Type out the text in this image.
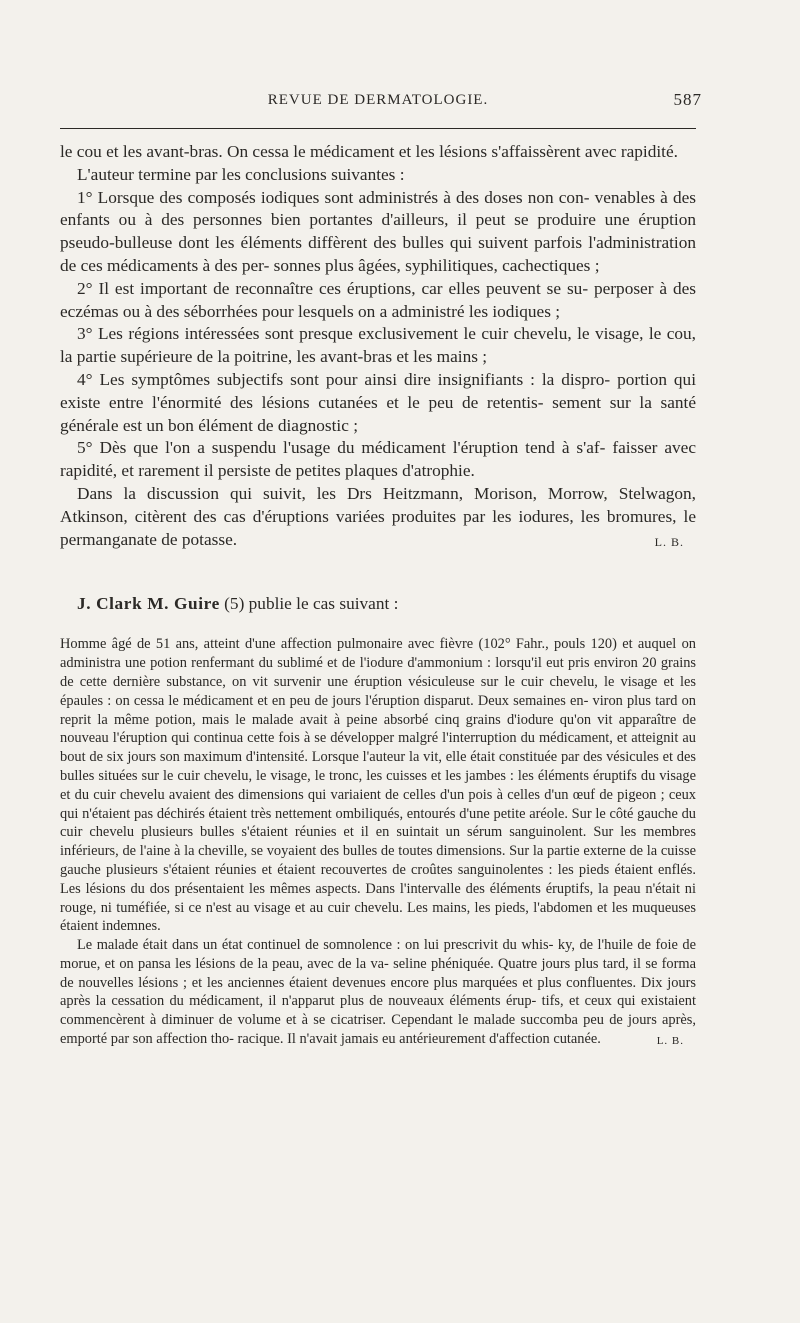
REVUE DE DERMATOLOGIE.	587

le cou et les avant-bras. On cessa le médicament et les lésions s'affaissèrent avec rapidité.

L'auteur termine par les conclusions suivantes :

1° Lorsque des composés iodiques sont administrés à des doses non con- venables à des enfants ou à des personnes bien portantes d'ailleurs, il peut se produire une éruption pseudo-bulleuse dont les éléments diffèrent des bulles qui suivent parfois l'administration de ces médicaments à des per- sonnes plus âgées, syphilitiques, cachectiques ;

2° Il est important de reconnaître ces éruptions, car elles peuvent se su- perposer à des eczémas ou à des séborrhées pour lesquels on a administré les iodiques ;

3° Les régions intéressées sont presque exclusivement le cuir chevelu, le visage, le cou, la partie supérieure de la poitrine, les avant-bras et les mains ;

4° Les symptômes subjectifs sont pour ainsi dire insignifiants : la dispro- portion qui existe entre l'énormité des lésions cutanées et le peu de retentis- sement sur la santé générale est un bon élément de diagnostic ;

5° Dès que l'on a suspendu l'usage du médicament l'éruption tend à s'af- faisser avec rapidité, et rarement il persiste de petites plaques d'atrophie.

Dans la discussion qui suivit, les Drs Heitzmann, Morison, Morrow, Stelwagon, Atkinson, citèrent des cas d'éruptions variées produites par les iodures, les bromures, le permanganate de potasse.	L. B.

J. Clark M. Guire (5) publie le cas suivant :

Homme âgé de 51 ans, atteint d'une affection pulmonaire avec fièvre (102° Fahr., pouls 120) et auquel on administra une potion renfermant du sublimé et de l'iodure d'ammonium : lorsqu'il eut pris environ 20 grains de cette dernière substance, on vit survenir une éruption vésiculeuse sur le cuir chevelu, le visage et les épaules : on cessa le médicament et en peu de jours l'éruption disparut. Deux semaines en- viron plus tard on reprit la même potion, mais le malade avait à peine absorbé cinq grains d'iodure qu'on vit apparaître de nouveau l'éruption qui continua cette fois à se développer malgré l'interruption du médicament, et atteignit au bout de six jours son maximum d'intensité. Lorsque l'auteur la vit, elle était constituée par des vésicules et des bulles situées sur le cuir chevelu, le visage, le tronc, les cuisses et les jambes : les éléments éruptifs du visage et du cuir chevelu avaient des dimensions qui variaient de celles d'un pois à celles d'un œuf de pigeon ; ceux qui n'étaient pas déchirés étaient très nettement ombiliqués, entourés d'une petite aréole. Sur le côté gauche du cuir chevelu plusieurs bulles s'étaient réunies et il en suintait un sérum sanguinolent. Sur les membres inférieurs, de l'aine à la cheville, se voyaient des bulles de toutes dimensions. Sur la partie externe de la cuisse gauche plusieurs s'étaient réunies et étaient recouvertes de croûtes sanguinolentes : les pieds étaient enflés. Les lésions du dos présentaient les mêmes aspects. Dans l'intervalle des éléments éruptifs, la peau n'était ni rouge, ni tuméfiée, si ce n'est au visage et au cuir chevelu. Les mains, les pieds, l'abdomen et les muqueuses étaient indemnes.

Le malade était dans un état continuel de somnolence : on lui prescrivit du whis- ky, de l'huile de foie de morue, et on pansa les lésions de la peau, avec de la va- seline phéniquée. Quatre jours plus tard, il se forma de nouvelles lésions ; et les anciennes étaient devenues encore plus marquées et plus confluentes. Dix jours après la cessation du médicament, il n'apparut plus de nouveaux éléments érup- tifs, et ceux qui existaient commencèrent à diminuer de volume et à se cicatriser. Cependant le malade succomba peu de jours après, emporté par son affection tho- racique. Il n'avait jamais eu antérieurement d'affection cutanée.	L. B.
